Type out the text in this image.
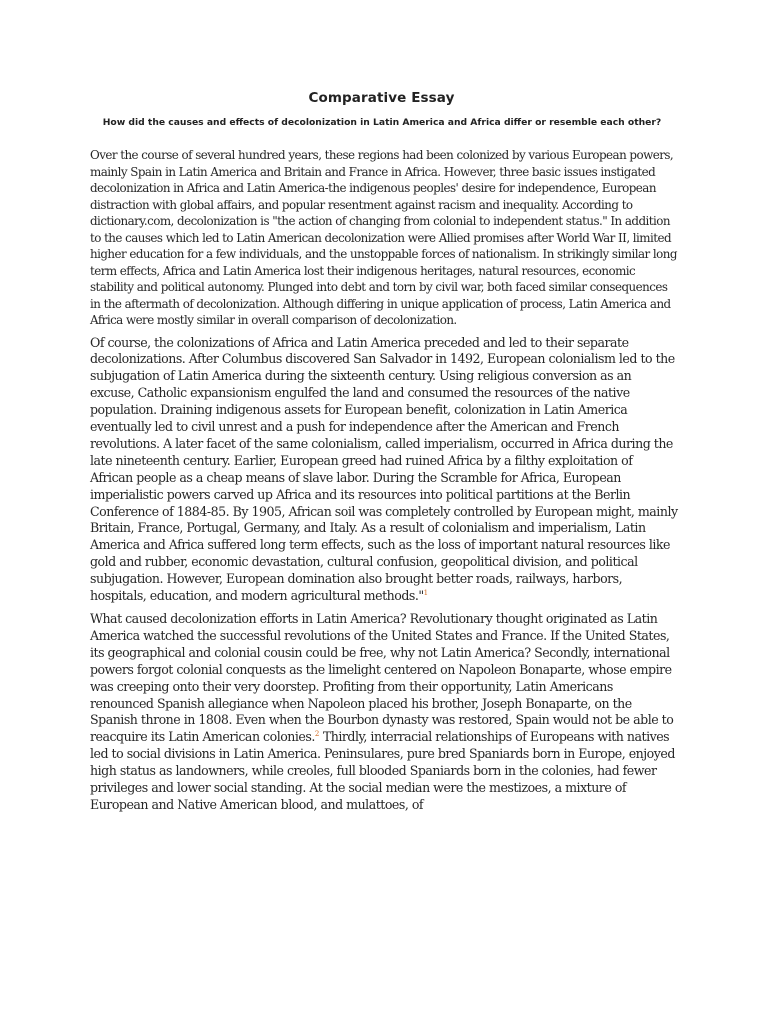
Comparative Essay

How did the causes and effects of decolonization in Latin America and Africa differ or resemble each other?

Over the course of several hundred years, these regions had been colonized by various European powers, mainly Spain in Latin America and Britain and France in Africa. However, three basic issues instigated decolonization in Africa and Latin America-the indigenous peoples' desire for independence, European distraction with global affairs, and popular resentment against racism and inequality. According to dictionary.com, decolonization is "the action of changing from colonial to independent status." In addition to the causes which led to Latin American decolonization were Allied promises after World War II, limited higher education for a few individuals, and the unstoppable forces of nationalism. In strikingly similar long term effects, Africa and Latin America lost their indigenous heritages, natural resources, economic stability and political autonomy. Plunged into debt and torn by civil war, both faced similar consequences in the aftermath of decolonization. Although differing in unique application of process, Latin America and Africa were mostly similar in overall comparison of decolonization.

Of course, the colonizations of Africa and Latin America preceded and led to their separate decolonizations. After Columbus discovered San Salvador in 1492, European colonialism led to the subjugation of Latin America during the sixteenth century. Using religious conversion as an excuse, Catholic expansionism engulfed the land and consumed the resources of the native population. Draining indigenous assets for European benefit, colonization in Latin America eventually led to civil unrest and a push for independence after the American and French revolutions. A later facet of the same colonialism, called imperialism, occurred in Africa during the late nineteenth century. Earlier, European greed had ruined Africa by a filthy exploitation of African people as a cheap means of slave labor. During the Scramble for Africa, European imperialistic powers carved up Africa and its resources into political partitions at the Berlin Conference of 1884-85. By 1905, African soil was completely controlled by European might, mainly Britain, France, Portugal, Germany, and Italy. As a result of colonialism and imperialism, Latin America and Africa suffered long term effects, such as the loss of important natural resources like gold and rubber, economic devastation, cultural confusion, geopolitical division, and political subjugation. However, European domination also brought better roads, railways, harbors, hospitals, education, and modern agricultural methods."$^1$

What caused decolonization efforts in Latin America? Revolutionary thought originated as Latin America watched the successful revolutions of the United States and France. If the United States, its geographical and colonial cousin could be free, why not Latin America? Secondly, international powers forgot colonial conquests as the limelight centered on Napoleon Bonaparte, whose empire was creeping onto their very doorstep. Profiting from their opportunity, Latin Americans renounced Spanish allegiance when Napoleon placed his brother, Joseph Bonaparte, on the Spanish throne in 1808. Even when the Bourbon dynasty was restored, Spain would not be able to reacquire its Latin American colonies.$^2$ Thirdly, interracial relationships of Europeans with natives led to social divisions in Latin America. Peninsulares, pure bred Spaniards born in Europe, enjoyed high status as landowners, while creoles, full blooded Spaniards born in the colonies, had fewer privileges and lower social standing. At the social median were the mestizoes, a mixture of European and Native American blood, and mulattoes, of
